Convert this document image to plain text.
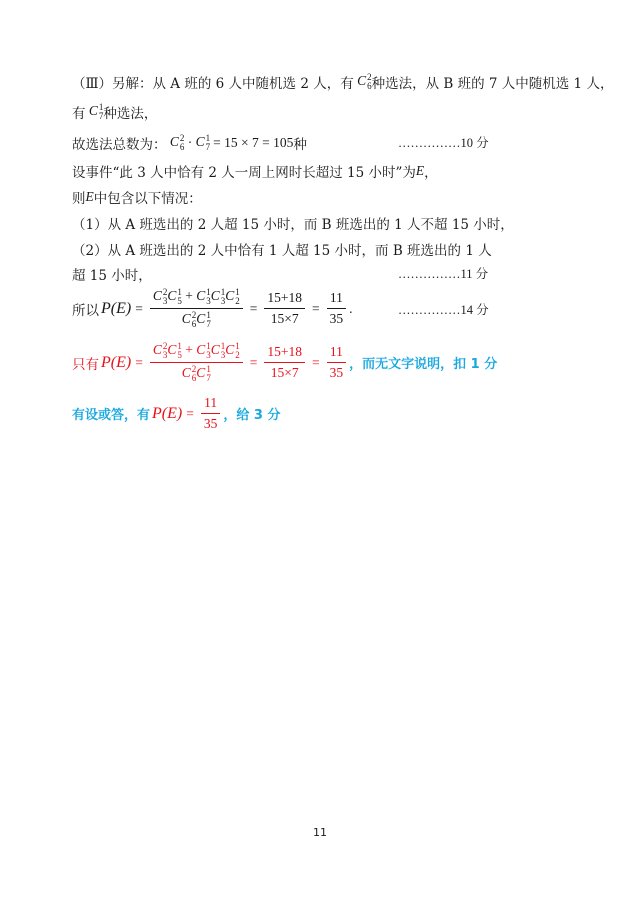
（Ⅲ）另解：从 A 班的 6 人中随机选 2 人，有 C 2
6 种选法，从 B 班的 7 人中随机选 1 人，
有 C 1
7 种选法，
故选法总数为： C 2
6 · C 1
7 = 15 × 7 = 105 种	……………10 分
设事件“此 3 人中恰有 2 人一周上网时长超过 15 小时”为 E ，
则 E 中包含以下情况：
（1）从 A 班选出的 2 人超 15 小时，而 B 班选出的 1 人不超 15 小时，
（2）从 A 班选出的 2 人中恰有 1 人超 15 小时，而 B 班选出的 1 人
超 15 小时，	……………11 分
所以 P(E) = C 2
3 C 1
5 + C 1
3 C 1
3 C 1
2
C 2
6 C 1
$7 = \frac{15+18}{15\times 7} = \frac{11}{35}$ .	……………14 分
只有 P(E) = C 2
3 C 1
5 + C 1
3 C 1
3 C 1
2
C 2
6 C 1
$7 = \frac{15+18}{15\times 7} = \frac{11}{35}$ ，而无文字说明，扣 1 分
有设或答，有 $P(E) = \frac{11}{35}$ ，给 3 分
11
